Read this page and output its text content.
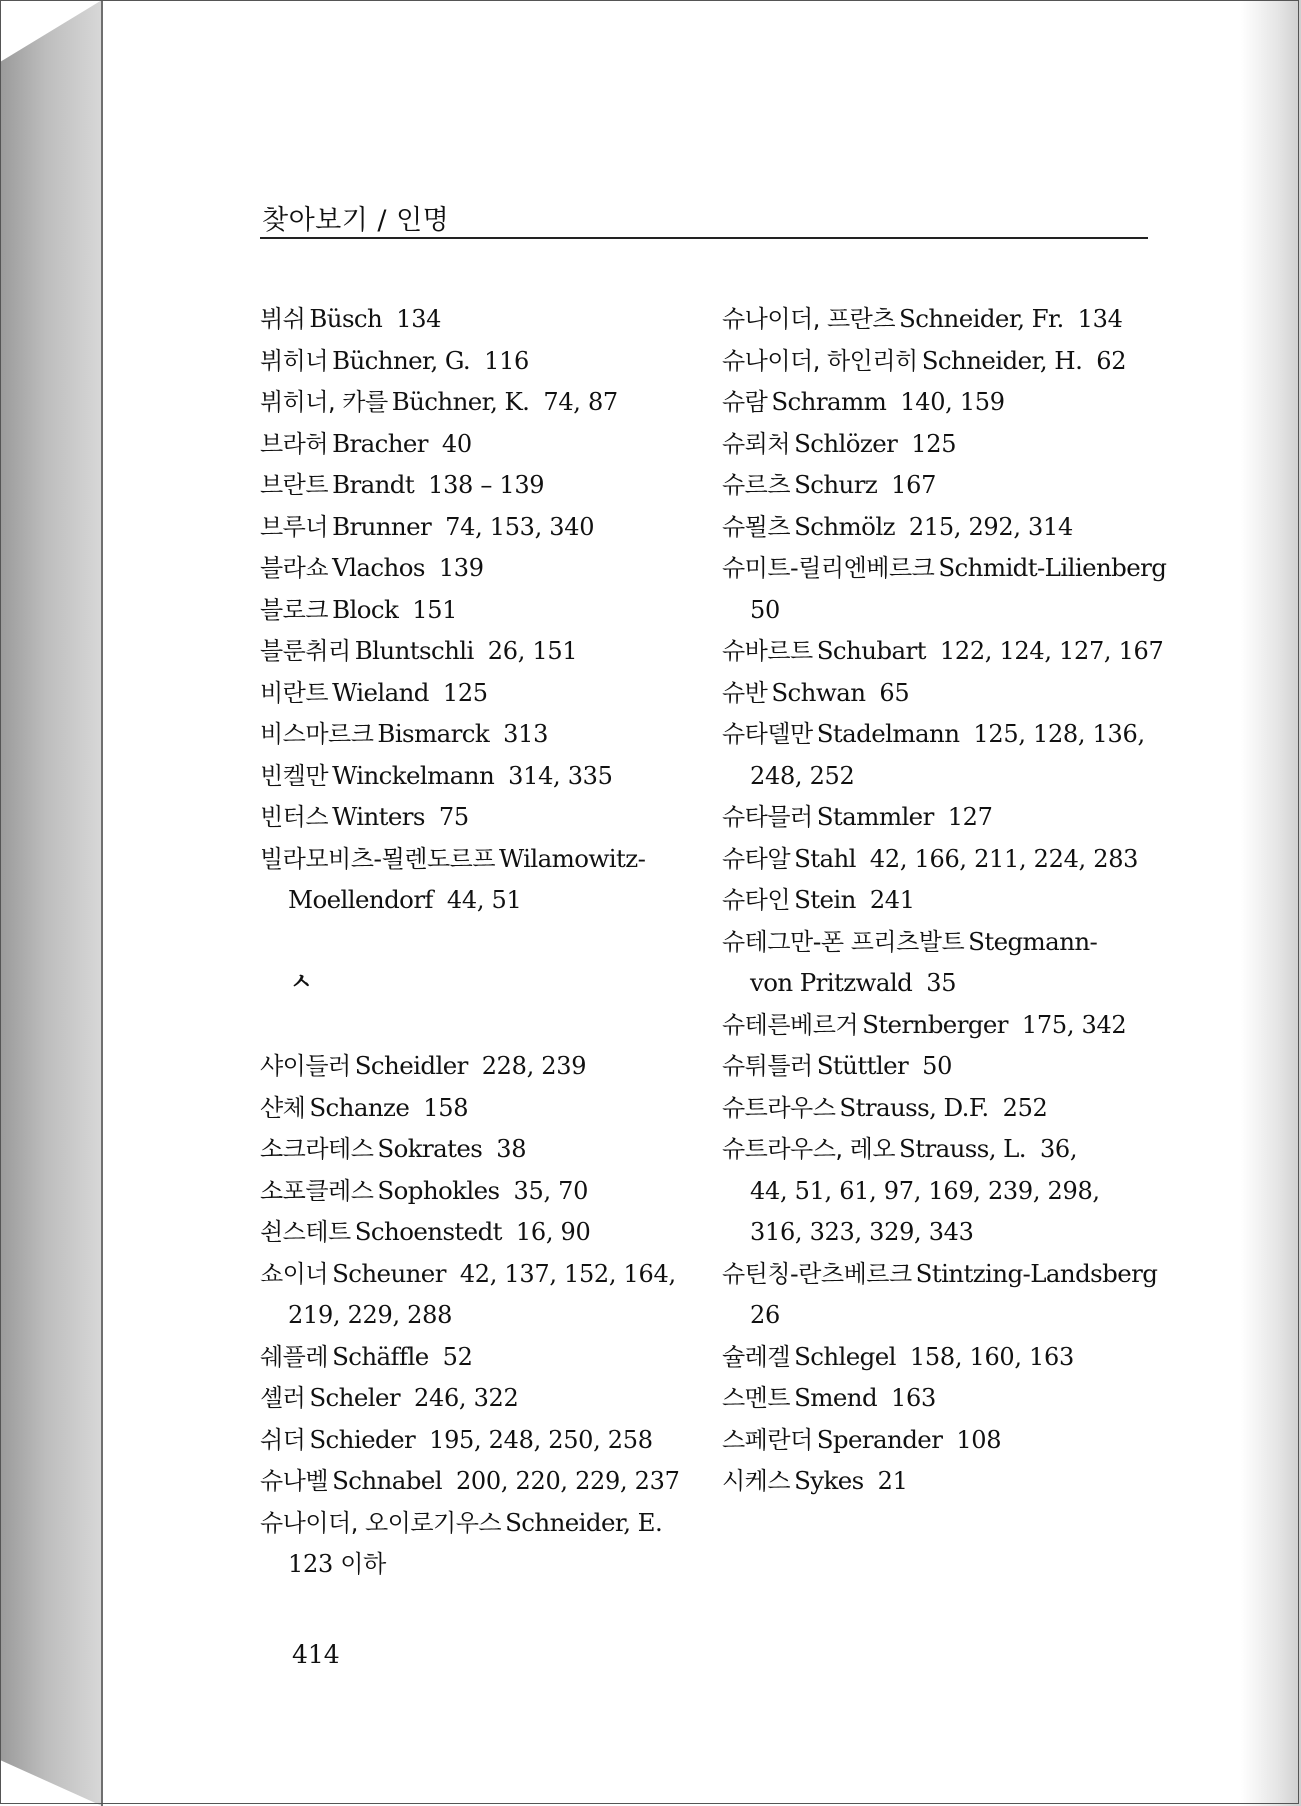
찾아보기 / 인명
뷔쉬 Büsch 134
뷔히너 Büchner, G. 116
뷔히너, 카를 Büchner, K. 74, 87
브라허 Bracher 40
브란트 Brandt 138 – 139
브루너 Brunner 74, 153, 340
블라쇼 Vlachos 139
블로크 Block 151
블룬취리 Bluntschli 26, 151
비란트 Wieland 125
비스마르크 Bismarck 313
빈켈만 Winckelmann 314, 335
빈터스 Winters 75
빌라모비츠-묄렌도르프 Wilamowitz-
Moellendorf 44, 51
ㅅ
샤이들러 Scheidler 228, 239
샨체 Schanze 158
소크라테스 Sokrates 38
소포클레스 Sophokles 35, 70
쇤스테트 Schoenstedt 16, 90
쇼이너 Scheuner 42, 137, 152, 164,
219, 229, 288
쉐플레 Schäffle 52
셸러 Scheler 246, 322
쉬더 Schieder 195, 248, 250, 258
슈나벨 Schnabel 200, 220, 229, 237
슈나이더, 오이로기우스 Schneider, E.
123 이하
슈나이더, 프란츠 Schneider, Fr. 134
슈나이더, 하인리히 Schneider, H. 62
슈람 Schramm 140, 159
슈뢰처 Schlözer 125
슈르츠 Schurz 167
슈묄츠 Schmölz 215, 292, 314
슈미트-릴리엔베르크 Schmidt-Lilienberg
50
슈바르트 Schubart 122, 124, 127, 167
슈반 Schwan 65
슈타델만 Stadelmann 125, 128, 136,
248, 252
슈타믈러 Stammler 127
슈타알 Stahl 42, 166, 211, 224, 283
슈타인 Stein 241
슈테그만-폰 프리츠발트 Stegmann-
von Pritzwald 35
슈테른베르거 Sternberger 175, 342
슈튀틀러 Stüttler 50
슈트라우스 Strauss, D.F. 252
슈트라우스, 레오 Strauss, L. 36,
44, 51, 61, 97, 169, 239, 298,
316, 323, 329, 343
슈틴칭-란츠베르크 Stintzing-Landsberg
26
슐레겔 Schlegel 158, 160, 163
스멘트 Smend 163
스페란더 Sperander 108
시케스 Sykes 21
414
